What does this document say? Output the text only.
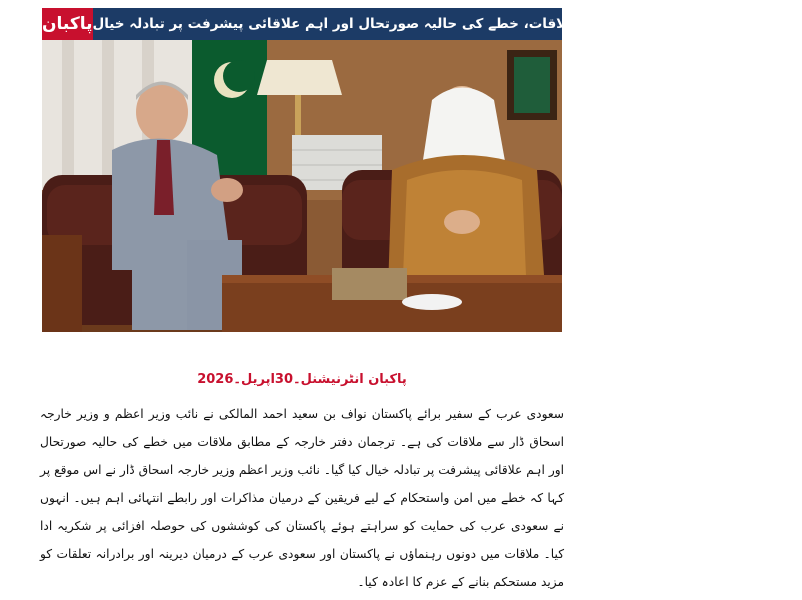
پاکبان سعودی سفیر کی اسحاق ڈار سے ملاقات، خطے کی حالیہ صورتحال اور اہم علاقائی پیشرفت پر تبادلہ خیال
پاکبان انٹرنیشنل۔30اپریل۔2026
سعودی عرب کے سفیر برائے پاکستان نواف بن سعید احمد المالکی نے نائب وزیر اعظم و وزیر خارجہ اسحاق ڈار سے ملاقات کی ہے۔ ترجمان دفتر خارجہ کے مطابق ملاقات میں خطے کی حالیہ صورتحال اور اہم علاقائی پیشرفت پر تبادلہ خیال کیا گیا۔ نائب وزیر اعظم وزیر خارجہ اسحاق ڈار نے اس موقع پر کہا کہ خطے میں امن واستحکام کے لیے فریقین کے درمیان مذاکرات اور رابطے انتہائی اہم ہیں۔ انہوں نے سعودی عرب کی حمایت کو سراہتے ہوئے پاکستان کی کوششوں کی حوصلہ افزائی پر شکریہ ادا کیا۔ ملاقات میں دونوں رہنماؤں نے پاکستان اور سعودی عرب کے درمیان دیرینہ اور برادرانہ تعلقات کو مزید مستحکم بنانے کے عزم کا اعادہ کیا۔
